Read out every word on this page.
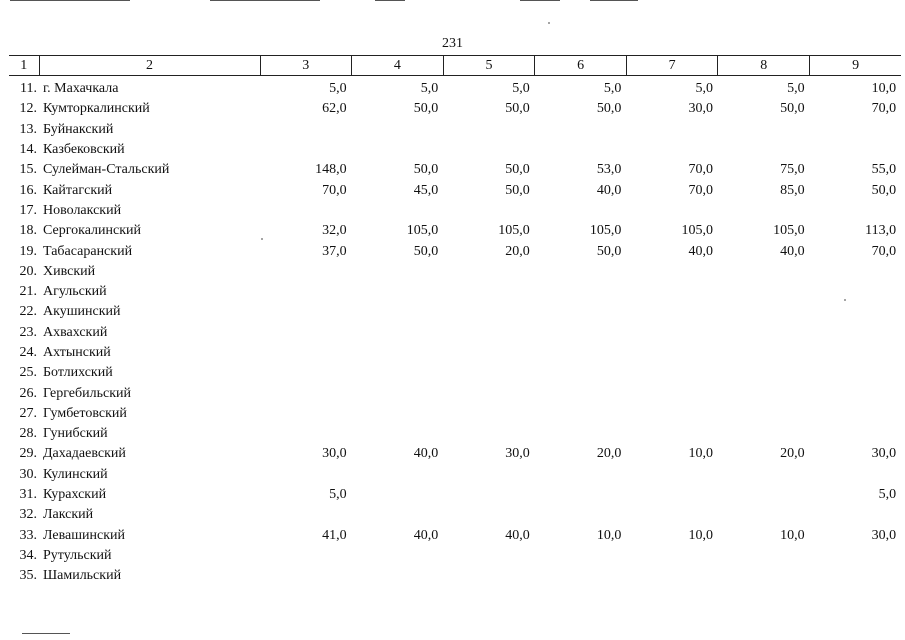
231
1	2	3	4	5	6	7	8	9
11.	г. Махачкала	5,0	5,0	5,0	5,0	5,0	5,0	10,0
12.	Кумторкалинский	62,0	50,0	50,0	50,0	30,0	50,0	70,0
13.	Буйнакский							
14.	Казбековский							
15.	Сулейман-Стальский	148,0	50,0	50,0	53,0	70,0	75,0	55,0
16.	Кайтагский	70,0	45,0	50,0	40,0	70,0	85,0	50,0
17.	Новолакский							
18.	Сергокалинский	32,0	105,0	105,0	105,0	105,0	105,0	113,0
19.	Табасаранский	37,0	50,0	20,0	50,0	40,0	40,0	70,0
20.	Хивский							
21.	Агульский							
22.	Акушинский							
23.	Ахвахский							
24.	Ахтынский							
25.	Ботлихский							
26.	Гергебильский							
27.	Гумбетовский							
28.	Гунибский							
29.	Дахадаевский	30,0	40,0	30,0	20,0	10,0	20,0	30,0
30.	Кулинский							
31.	Курахский	5,0						5,0
32.	Лакский							
33.	Левашинский	41,0	40,0	40,0	10,0	10,0	10,0	30,0
34.	Рутульский							
35.	Шамильский							
